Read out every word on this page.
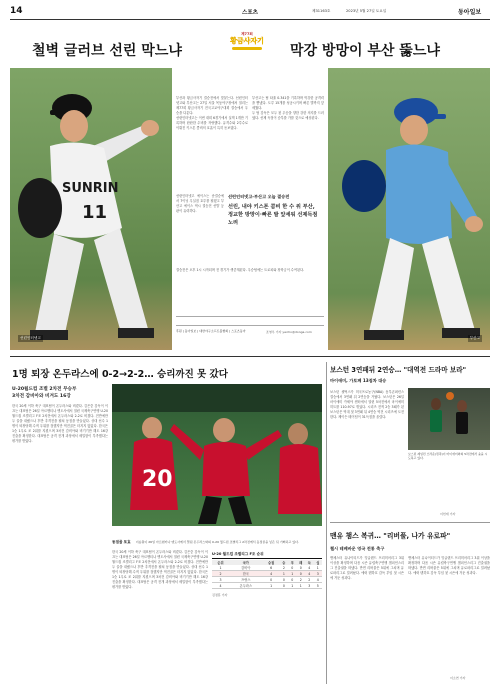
14	스포츠	제31163호	2023년 5월 27일 토요일	동아일보
철벽 글러브 선린 막느냐
제77회
황금사자기
막강 방망이 부산 뚫느냐
SUNRIN
11
선린인터넷고	부산고

부산과 황금사자기 결승전에서 맞붙는다. 선린인터넷고와 부산고는 27일 서울 목동야구장에서 열리는 제77회 황금사자기 전국고교야구대회 결승에서 우승을 다툰다.

선린인터넷고는 이번 대회 6경기에서 실책 1개만 기록하며 탄탄한 수비를 자랑했다. 유격수와 2루수로 이뤄진 키스톤 콤비의 호흡이 특히 돋보였다.

부산고는 팀 타율 0.341을 기록하며 막강한 공격력을 뽐냈다. 도루 15개를 성공시키며 빠른 발까지 앞세웠다.

두 팀 감독은 모두 첫 우승을 향한 강한 의지를 드러냈다. 선제 득점이 승부를 가를 것으로 예상된다.

선린인터넷고-부산고 오늘 결승전
선린, 내야 키스톤 콤비 한 수 위 부산, 정교한 방망이·빠른 발 앞세워 선제득점 노려

선린인터넷고 에이스는 준결승에서 7이닝 무실점 호투를 펼쳤고 부산고 에이스 역시 결승전 선발 등판이 유력하다.

결승전은 오후 1시 시작되며 전 경기가 생중계된다. 우승팀에는 트로피와 장학금이 수여된다.

후원 | 동아일보 | 대한야구소프트볼협회 | 스포츠동아	조영우 기자 ywcho@donga.com
1명 퇴장 온두라스에 0-2→2-2… 승리까진 못 갔다
U-20월드컵 조별 2차전 무승부
3차전 감비아와 비겨도 16강
한국 20세 이하 축구 대표팀이 온두라스와 비겼다. 김은중 감독이 이끄는 대표팀은 26일 아르헨티나 멘도사에서 열린 국제축구연맹 U-20 월드컵 조별리그 F조 2차전에서 온두라스와 2-2로 비겼다. 전반에만 두 골을 내줬으나 후반 추격전을 펼쳐 동점을 만들었다. 상대 선수 1명이 퇴장당해 수적 우위를 점했지만 역전골은 터지지 않았다. 한국은 1승 1무로 조 2위를 지켰으며 3차전 감비아와 비기기만 해도 16강 진출을 확정한다. 대표팀은 공격 전개 과정에서 세밀함이 부족했다는 평가를 받았다.
20
동점골 포효 이승원이 26일 아르헨티나 멘도사에서 열린 온두라스와의 U-20 월드컵 조별리그 2차전에서 동점골을 넣은 뒤 기뻐하고 있다.

한국 20세 이하 축구 대표팀이 온두라스와 비겼다. 김은중 감독이 이끄는 대표팀은 26일 아르헨티나 멘도사에서 열린 국제축구연맹 U-20 월드컵 조별리그 F조 2차전에서 온두라스와 2-2로 비겼다. 전반에만 두 골을 내줬으나 후반 추격전을 펼쳐 동점을 만들었다. 상대 선수 1명이 퇴장당해 수적 우위를 점했지만 역전골은 터지지 않았다. 한국은 1승 1무로 조 2위를 지켰으며 3차전 감비아와 비기기만 해도 16강 진출을 확정한다. 대표팀은 공격 전개 과정에서 세밀함이 부족했다는 평가를 받았다.

U-20 월드컵 조별리그 F조 순위
순위	국가	승점	승	무	패	득	실
1	감비아	6	2	0	0	4	1
2	한국	4	1	1	0	4	3
3	프랑스	0	0	0	2	2	4
4	온두라스	1	0	1	1	3	5
김정훈 기자
보스턴 3연패뒤 2연승… "대역전 드라마 보라"
마이애미, 가토페 13점차 대승
보스턴 셀틱스가 미국프로농구(NBA) 동부콘퍼런스 결승에서 3연패 뒤 2연승을 거뒀다. 보스턴은 26일 마이애미 카세야 센터에서 열린 5차전에서 마이애미 히트를 110-97로 꺾었다. 시리즈 전적 2승 3패가 된 보스턴은 역대 첫 3연패 뒤 4연승 역전 시리즈에 도전한다. 제이슨 테이텀이 31득점을 올렸다.
보스턴 제일런 브라운(왼쪽)이 마이애미와의 5차전에서 슛을 시도하고 있다.
이헌재 기자
맨유 챔스 복귀… "리버풀, 나가 유로파"
첼시 테베바운 영국 전통 축구
맨체스터 유나이티드가 잉글랜드 프리미어리그 3위 이상을 확정하며 다음 시즌 유럽축구연맹 챔피언스리그 진출권을 따냈다. 반면 리버풀은 5위에 그치며 유로파리그로 밀려났다. 에릭 텐하흐 감독 부임 첫 시즌에 거둔 성과다.

맨체스터 유나이티드가 잉글랜드 프리미어리그 3위 이상을 확정하며 다음 시즌 유럽축구연맹 챔피언스리그 진출권을 따냈다. 반면 리버풀은 5위에 그치며 유로파리그로 밀려났다. 에릭 텐하흐 감독 부임 첫 시즌에 거둔 성과다.

이소연 기자
